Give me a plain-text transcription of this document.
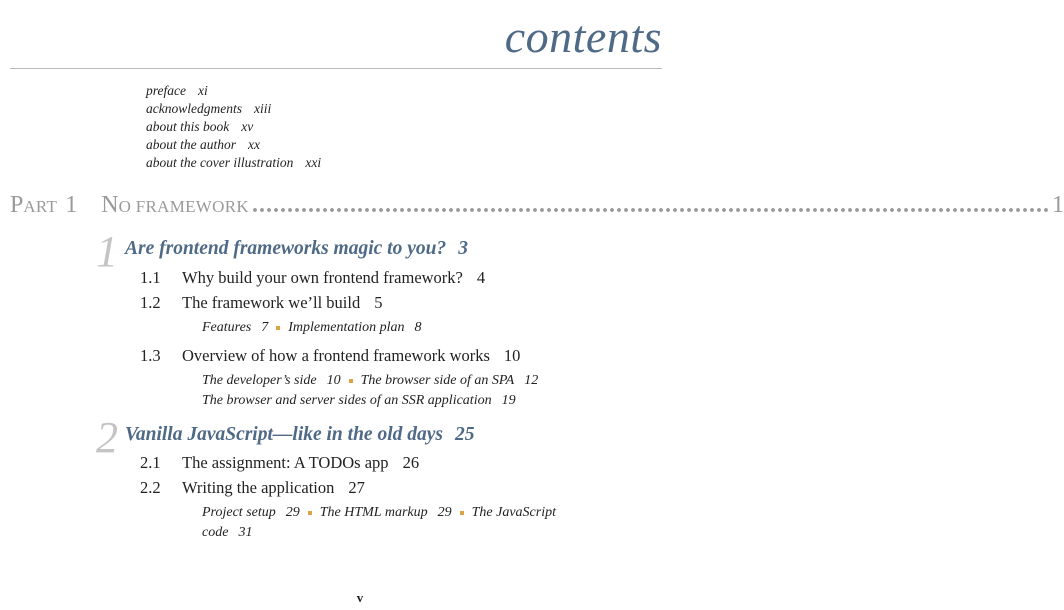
contents
preface xi
acknowledgments xiii
about this book xv
about the author xx
about the cover illustration xxi
P ART 1 N O FRAMEWORK .................................................................................................................. 1
1 Are frontend frameworks magic to you? 3
1.1 Why build your own frontend framework? 4
1.2 The framework we’ll build 5
Features 7 Implementation plan 8
1.3 Overview of how a frontend framework works 10
The developer’s side 10 The browser side of an SPA 12
The browser and server sides of an SSR application 19
2 Vanilla JavaScript—like in the old days 25
2.1 The assignment: A TODOs app 26
2.2 Writing the application 27
Project setup 29 The HTML markup 29 The JavaScript
code 31
v
